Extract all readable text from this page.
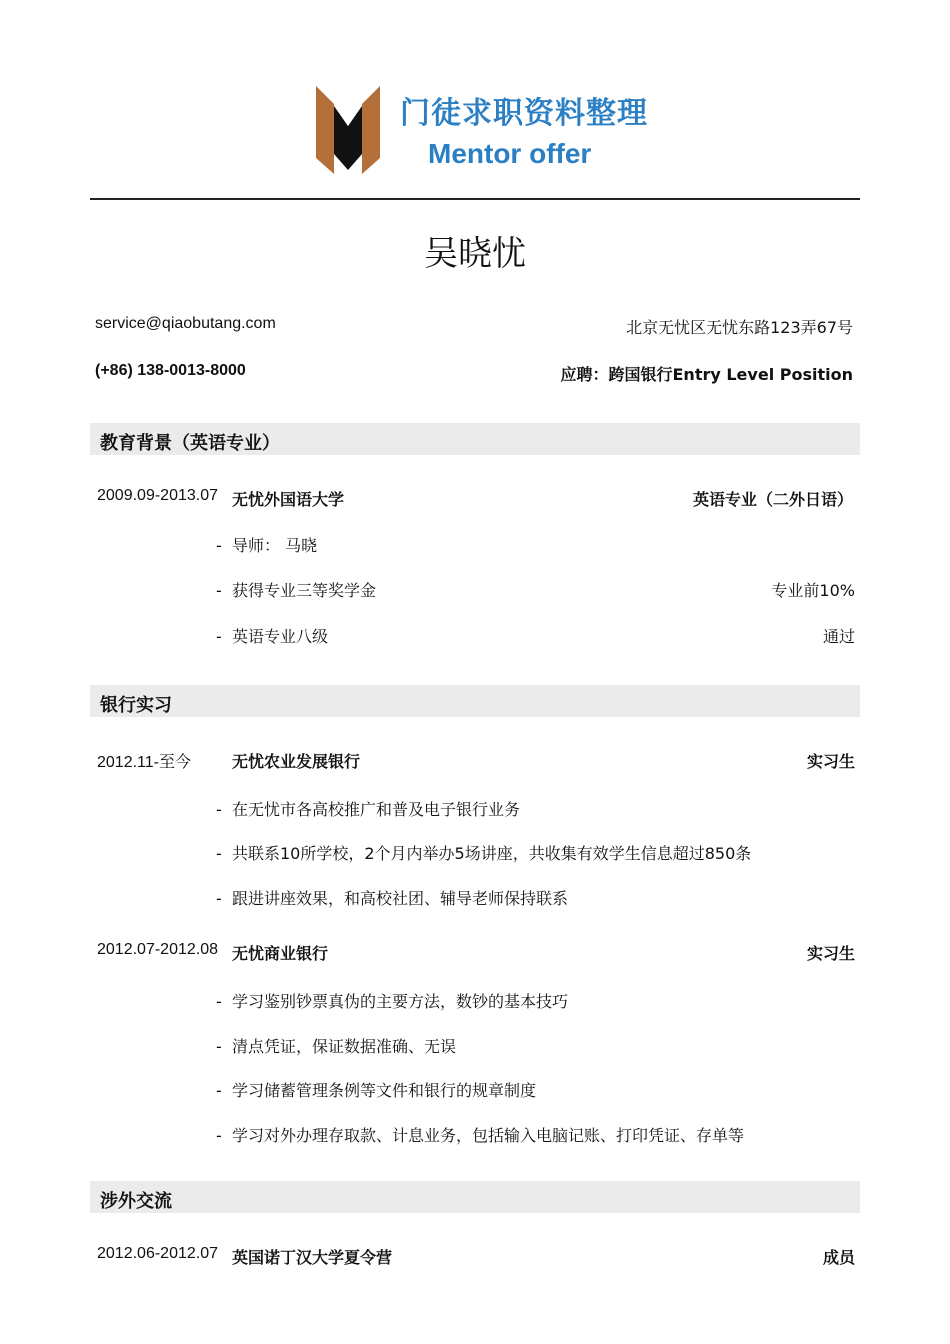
门徒求职资料整理
Mentor offer
吴晓忧
service@qiaobutang.com	北京无忧区无忧东路123弄67号
(+86) 138-0013-8000	应聘：跨国银行Entry Level Position
教育背景（英语专业）
2009.09-2013.07 无忧外国语大学	英语专业（二外日语）
- 导师： 马晓
- 获得专业三等奖学金	专业前10%
- 英语专业八级	通过
银行实习
2012.11-至今	无忧农业发展银行	实习生
- 在无忧市各高校推广和普及电子银行业务
- 共联系10所学校，2个月内举办5场讲座，共收集有效学生信息超过850条
- 跟进讲座效果，和高校社团、辅导老师保持联系
2012.07-2012.08 无忧商业银行	实习生
- 学习鉴别钞票真伪的主要方法，数钞的基本技巧
- 清点凭证，保证数据准确、无误
- 学习储蓄管理条例等文件和银行的规章制度
- 学习对外办理存取款、计息业务，包括输入电脑记账、打印凭证、存单等
涉外交流
2012.06-2012.07 英国诺丁汉大学夏令营	成员
